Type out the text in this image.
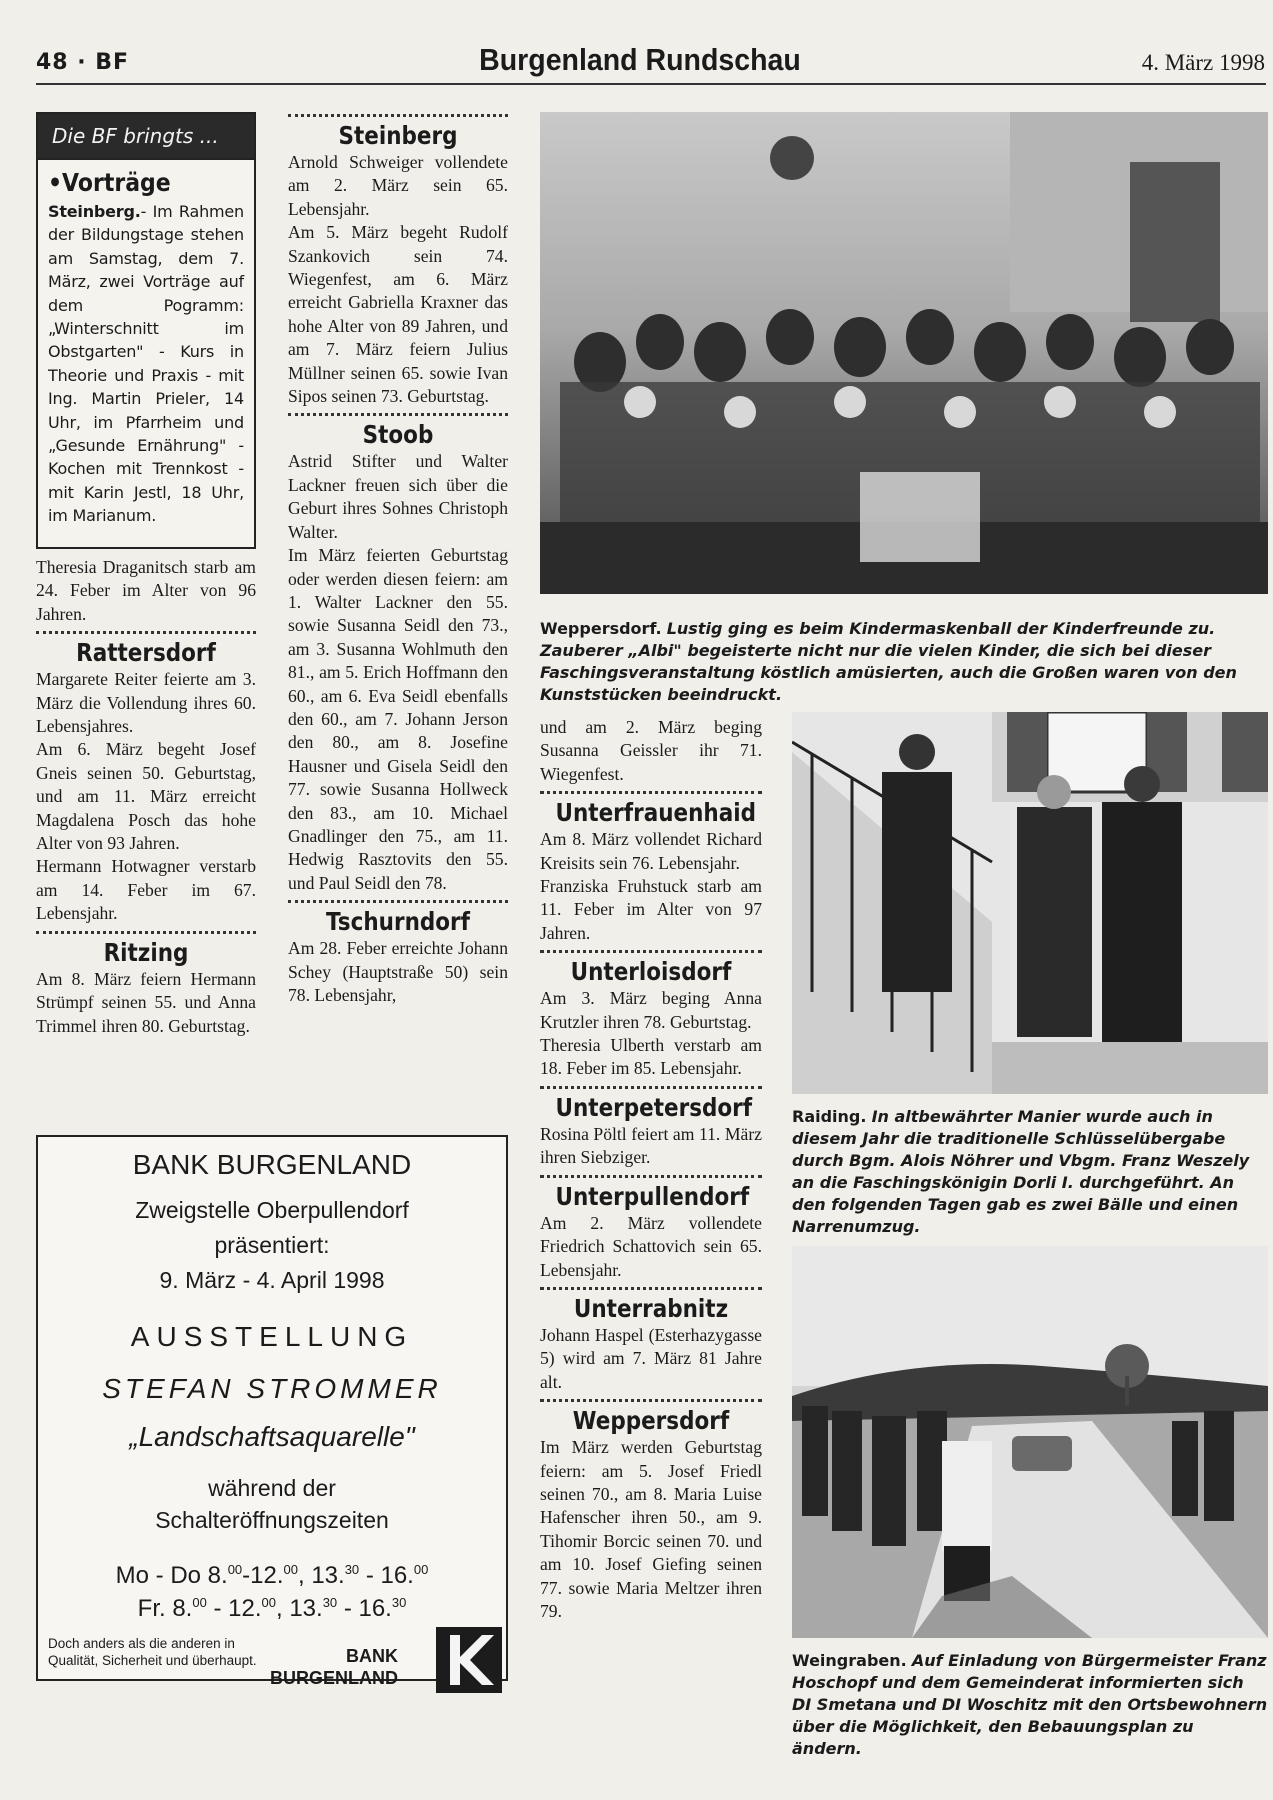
48 · BF	Burgenland Rundschau	4. März 1998
Die BF bringts ...
•Vorträge
Steinberg.- Im Rahmen der Bildungstage stehen am Samstag, dem 7. März, zwei Vorträge auf dem Pogramm: „Winterschnitt im Obstgarten" - Kurs in Theorie und Praxis - mit Ing. Martin Prieler, 14 Uhr, im Pfarrheim und „Gesunde Ernährung" - Kochen mit Trennkost - mit Karin Jestl, 18 Uhr, im Marianum.

Theresia Draganitsch starb am 24. Feber im Alter von 96 Jahren.

Rattersdorf

Margarete Reiter feierte am 3. März die Vollendung ihres 60. Lebensjahres.

Am 6. März begeht Josef Gneis seinen 50. Geburtstag, und am 11. März erreicht Magdalena Posch das hohe Alter von 93 Jahren.

Hermann Hotwagner verstarb am 14. Feber im 67. Lebensjahr.

Ritzing

Am 8. März feiern Hermann Strümpf seinen 55. und Anna Trimmel ihren 80. Geburtstag.

Steinberg

Arnold Schweiger vollendete am 2. März sein 65. Lebensjahr.

Am 5. März begeht Rudolf Szankovich sein 74. Wiegenfest, am 6. März erreicht Gabriella Kraxner das hohe Alter von 89 Jahren, und am 7. März feiern Julius Müllner seinen 65. sowie Ivan Sipos seinen 73. Geburtstag.

Stoob

Astrid Stifter und Walter Lackner freuen sich über die Geburt ihres Sohnes Christoph Walter.

Im März feierten Geburtstag oder werden diesen feiern: am 1. Walter Lackner den 55. sowie Susanna Seidl den 73., am 3. Susanna Wohlmuth den 81., am 5. Erich Hoffmann den 60., am 6. Eva Seidl ebenfalls den 60., am 7. Johann Jerson den 80., am 8. Josefine Hausner und Gisela Seidl den 77. sowie Susanna Hollweck den 83., am 10. Michael Gnadlinger den 75., am 11. Hedwig Rasztovits den 55. und Paul Seidl den 78.

Tschurndorf

Am 28. Feber erreichte Johann Schey (Hauptstraße 50) sein 78. Lebensjahr,

und am 2. März beging Susanna Geissler ihr 71. Wiegenfest.

Unterfrauenhaid

Am 8. März vollendet Richard Kreisits sein 76. Lebensjahr.

Franziska Fruhstuck starb am 11. Feber im Alter von 97 Jahren.

Unterloisdorf

Am 3. März beging Anna Krutzler ihren 78. Geburtstag.

Theresia Ulberth verstarb am 18. Feber im 85. Lebensjahr.

Unterpetersdorf

Rosina Pöltl feiert am 11. März ihren Siebziger.

Unterpullendorf

Am 2. März vollendete Friedrich Schattovich sein 65. Lebensjahr.

Unterrabnitz

Johann Haspel (Esterhazygasse 5) wird am 7. März 81 Jahre alt.

Weppersdorf

Im März werden Geburtstag feiern: am 5. Josef Friedl seinen 70., am 8. Maria Luise Hafenscher ihren 50., am 9. Tihomir Borcic seinen 70. und am 10. Josef Giefing seinen 77. sowie Maria Meltzer ihren 79.

Weppersdorf. Lustig ging es beim Kindermaskenball der Kinderfreunde zu. Zauberer „Albi" begeisterte nicht nur die vielen Kinder, die sich bei dieser Faschingsveranstaltung köstlich amüsierten, auch die Großen waren von den Kunststücken beeindruckt.
Raiding. In altbewährter Manier wurde auch in diesem Jahr die traditionelle Schlüsselübergabe durch Bgm. Alois Nöhrer und Vbgm. Franz Weszely an die Faschingskönigin Dorli I. durchgeführt. An den folgenden Tagen gab es zwei Bälle und einen Narrenumzug.
Weingraben. Auf Einladung von Bürgermeister Franz Hoschopf und dem Gemeinderat informierten sich DI Smetana und DI Woschitz mit den Ortsbewohnern über die Möglichkeit, den Bebauungsplan zu ändern.
BANK BURGENLAND
Zweigstelle Oberpullendorf
präsentiert:
9. März - 4. April 1998
AUSSTELLUNG
STEFAN STROMMER
„Landschaftsaquarelle"
während der
Schalteröffnungszeiten
Mo - Do 8.00-12.00, 13.30 - 16.00
Fr. 8.00 - 12.00, 13.30 - 16.30
Doch anders als die anderen in Qualität, Sicherheit und überhaupt.	BANK
BURGENLAND
